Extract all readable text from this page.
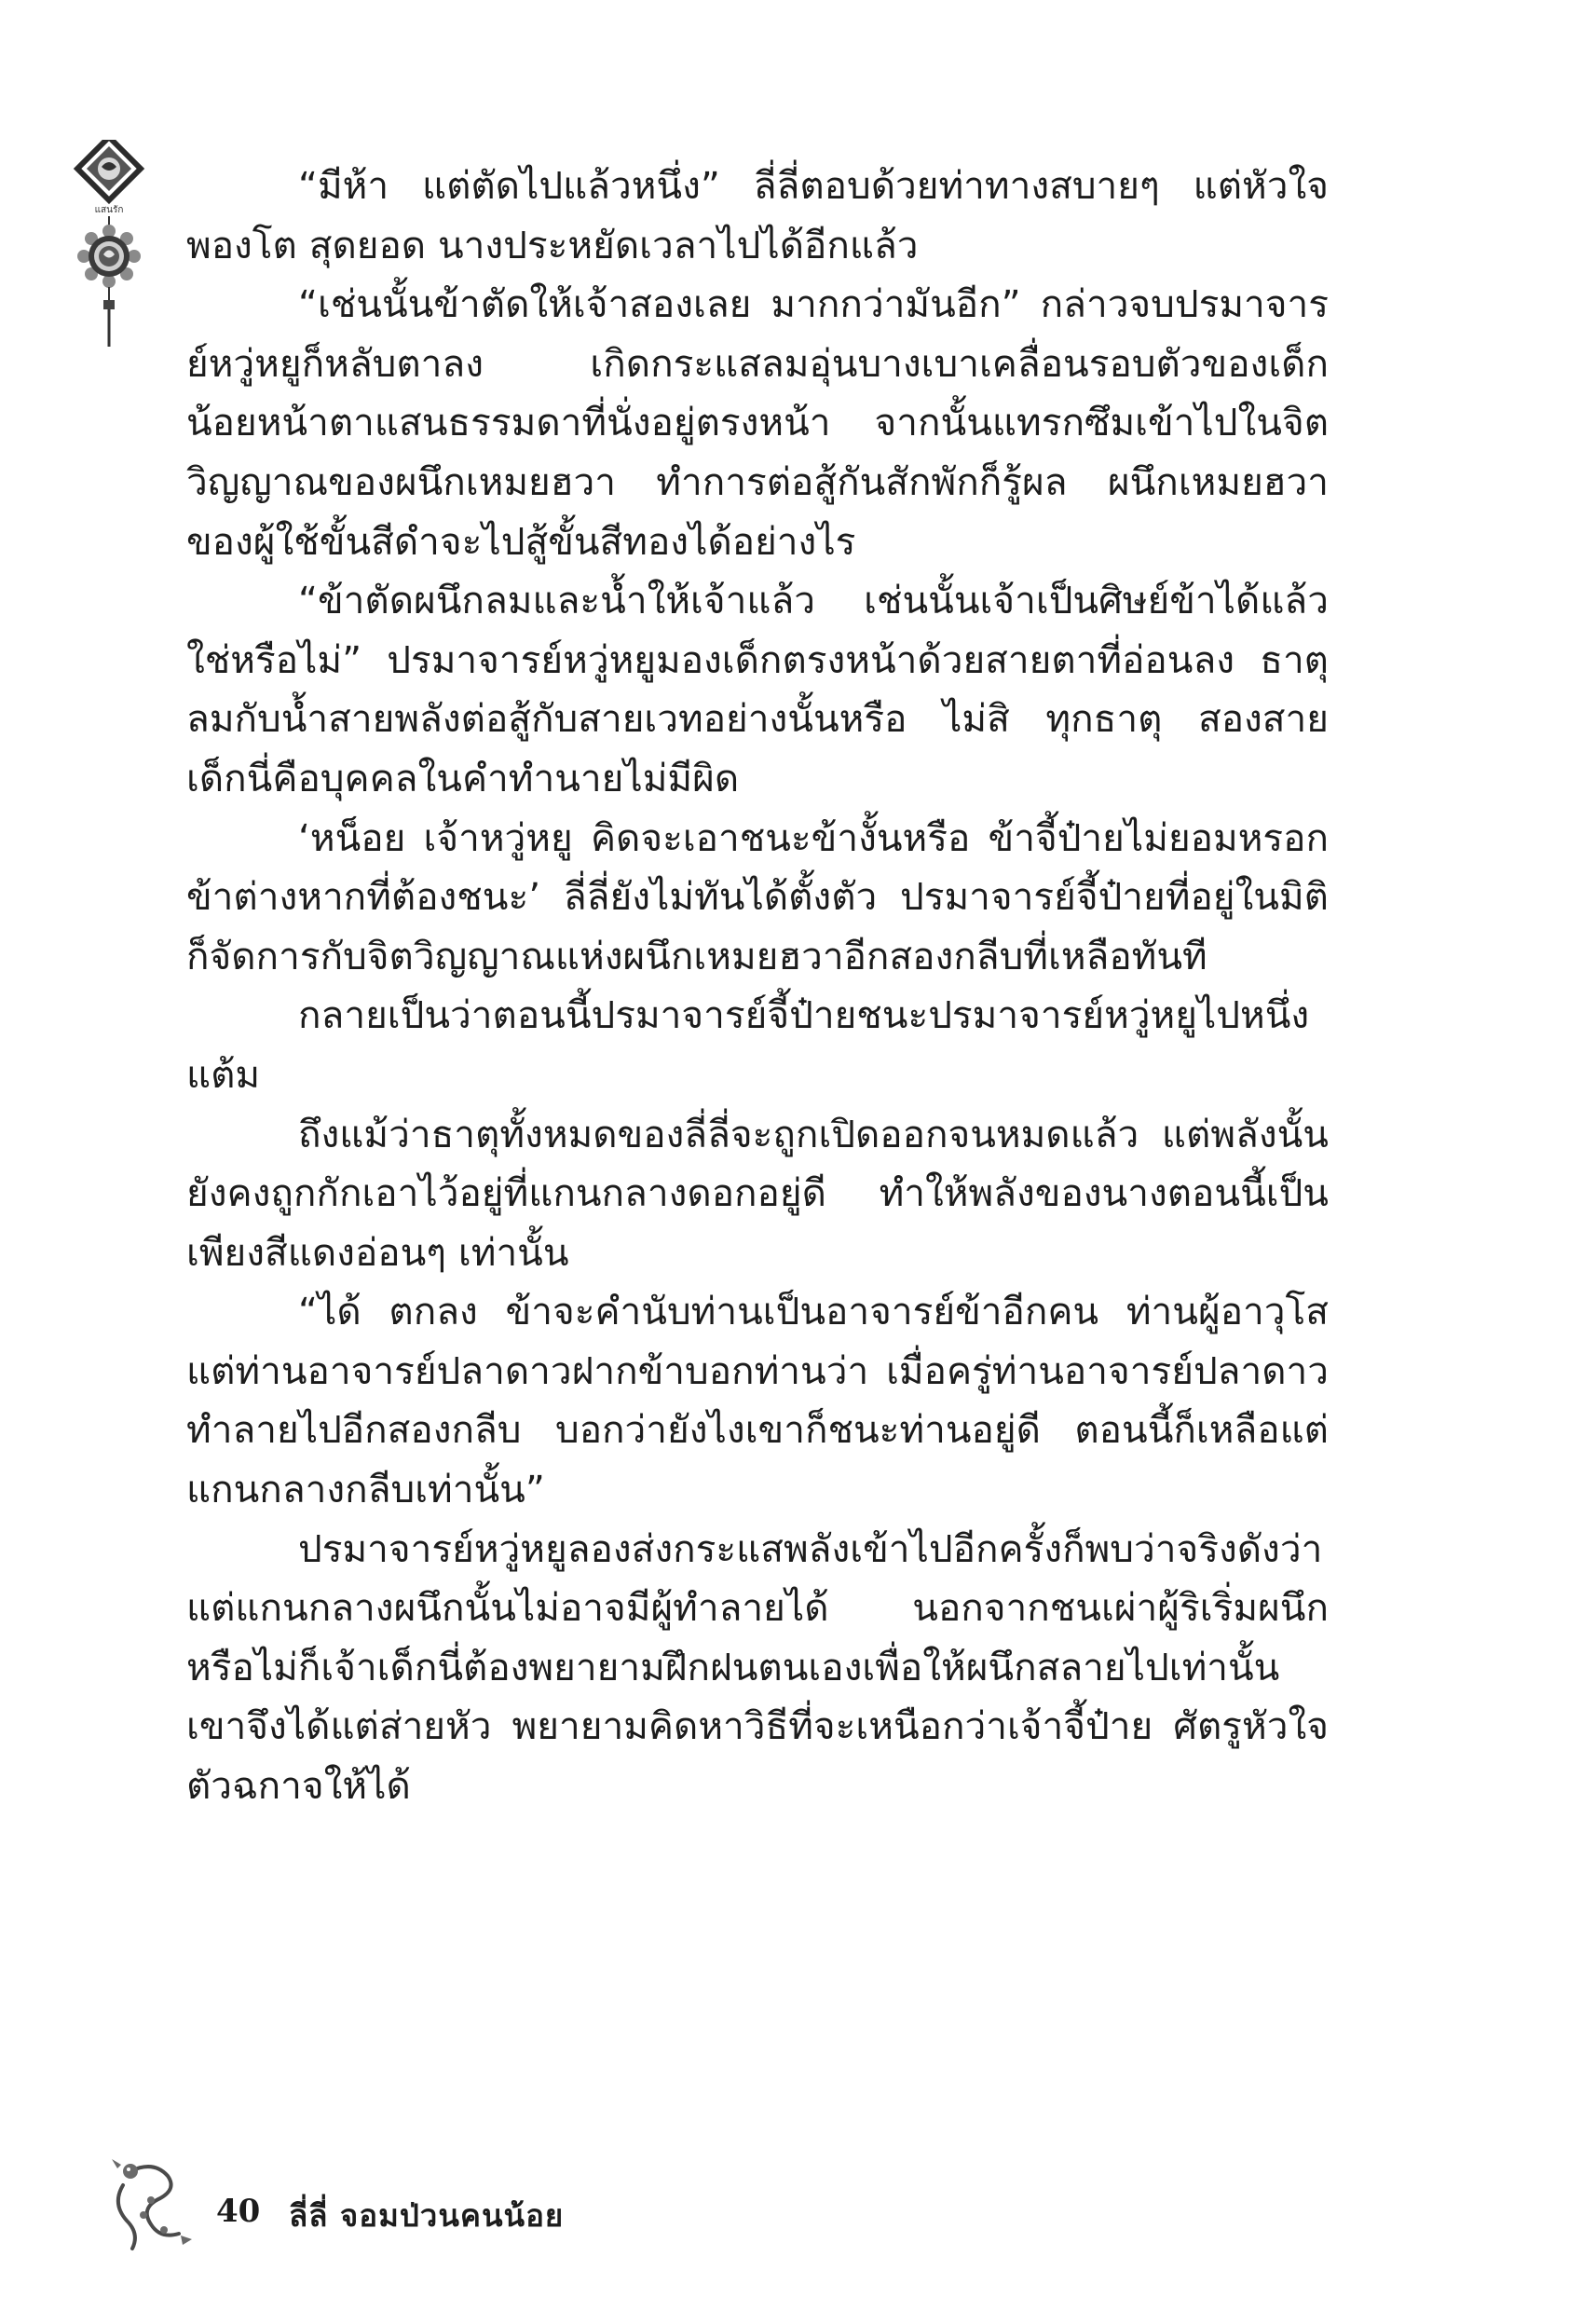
แสนรัก

“มีห้า แต่ตัดไปแล้วหนึ่ง” ลี่ลี่ตอบด้วยท่าทางสบายๆ แต่หัวใจพองโต สุดยอด นางประหยัดเวลาไปได้อีกแล้ว

“เช่นนั้นข้าตัดให้เจ้าสองเลย มากกว่ามันอีก” กล่าวจบปรมาจารย์หวู่หยูก็หลับตาลง เกิดกระแสลมอุ่นบางเบาเคลื่อนรอบตัวของเด็กน้อยหน้าตาแสนธรรมดาที่นั่งอยู่ตรงหน้า จากนั้นแทรกซึมเข้าไปในจิตวิญญาณของผนึกเหมยฮวา ทำการต่อสู้กันสักพักก็รู้ผล ผนึกเหมยฮวาของผู้ใช้ขั้นสีดำจะไปสู้ขั้นสีทองได้อย่างไร

“ข้าตัดผนึกลมและน้ำให้เจ้าแล้ว เช่นนั้นเจ้าเป็นศิษย์ข้าได้แล้วใช่หรือไม่” ปรมาจารย์หวู่หยูมองเด็กตรงหน้าด้วยสายตาที่อ่อนลง ธาตุลมกับน้ำสายพลังต่อสู้กับสายเวทอย่างนั้นหรือ ไม่สิ ทุกธาตุ สองสาย เด็กนี่คือบุคคลในคำทำนายไม่มีผิด

‘หน็อย เจ้าหวู่หยู คิดจะเอาชนะข้างั้นหรือ ข้าจี้ป๋ายไม่ยอมหรอก ข้าต่างหากที่ต้องชนะ’ ลี่ลี่ยังไม่ทันได้ตั้งตัว ปรมาจารย์จี้ป๋ายที่อยู่ในมิติก็จัดการกับจิตวิญญาณแห่งผนึกเหมยฮวาอีกสองกลีบที่เหลือทันที

กลายเป็นว่าตอนนี้ปรมาจารย์จี้ป๋ายชนะปรมาจารย์หวู่หยูไปหนึ่งแต้ม

ถึงแม้ว่าธาตุทั้งหมดของลี่ลี่จะถูกเปิดออกจนหมดแล้ว แต่พลังนั้นยังคงถูกกักเอาไว้อยู่ที่แกนกลางดอกอยู่ดี ทำให้พลังของนางตอนนี้เป็นเพียงสีแดงอ่อนๆ เท่านั้น

“ได้ ตกลง ข้าจะคำนับท่านเป็นอาจารย์ข้าอีกคน ท่านผู้อาวุโส แต่ท่านอาจารย์ปลาดาวฝากข้าบอกท่านว่า เมื่อครู่ท่านอาจารย์ปลาดาวทำลายไปอีกสองกลีบ บอกว่ายังไงเขาก็ชนะท่านอยู่ดี ตอนนี้ก็เหลือแต่แกนกลางกลีบเท่านั้น”

ปรมาจารย์หวู่หยูลองส่งกระแสพลังเข้าไปอีกครั้งก็พบว่าจริงดังว่า แต่แกนกลางผนึกนั้นไม่อาจมีผู้ทำลายได้ นอกจากชนเผ่าผู้ริเริ่มผนึก หรือไม่ก็เจ้าเด็กนี่ต้องพยายามฝึกฝนตนเองเพื่อให้ผนึกสลายไปเท่านั้น เขาจึงได้แต่ส่ายหัว พยายามคิดหาวิธีที่จะเหนือกว่าเจ้าจี้ป๋าย ศัตรูหัวใจตัวฉกาจให้ได้

40 ลี่ลี่ จอมป่วนคนน้อย
